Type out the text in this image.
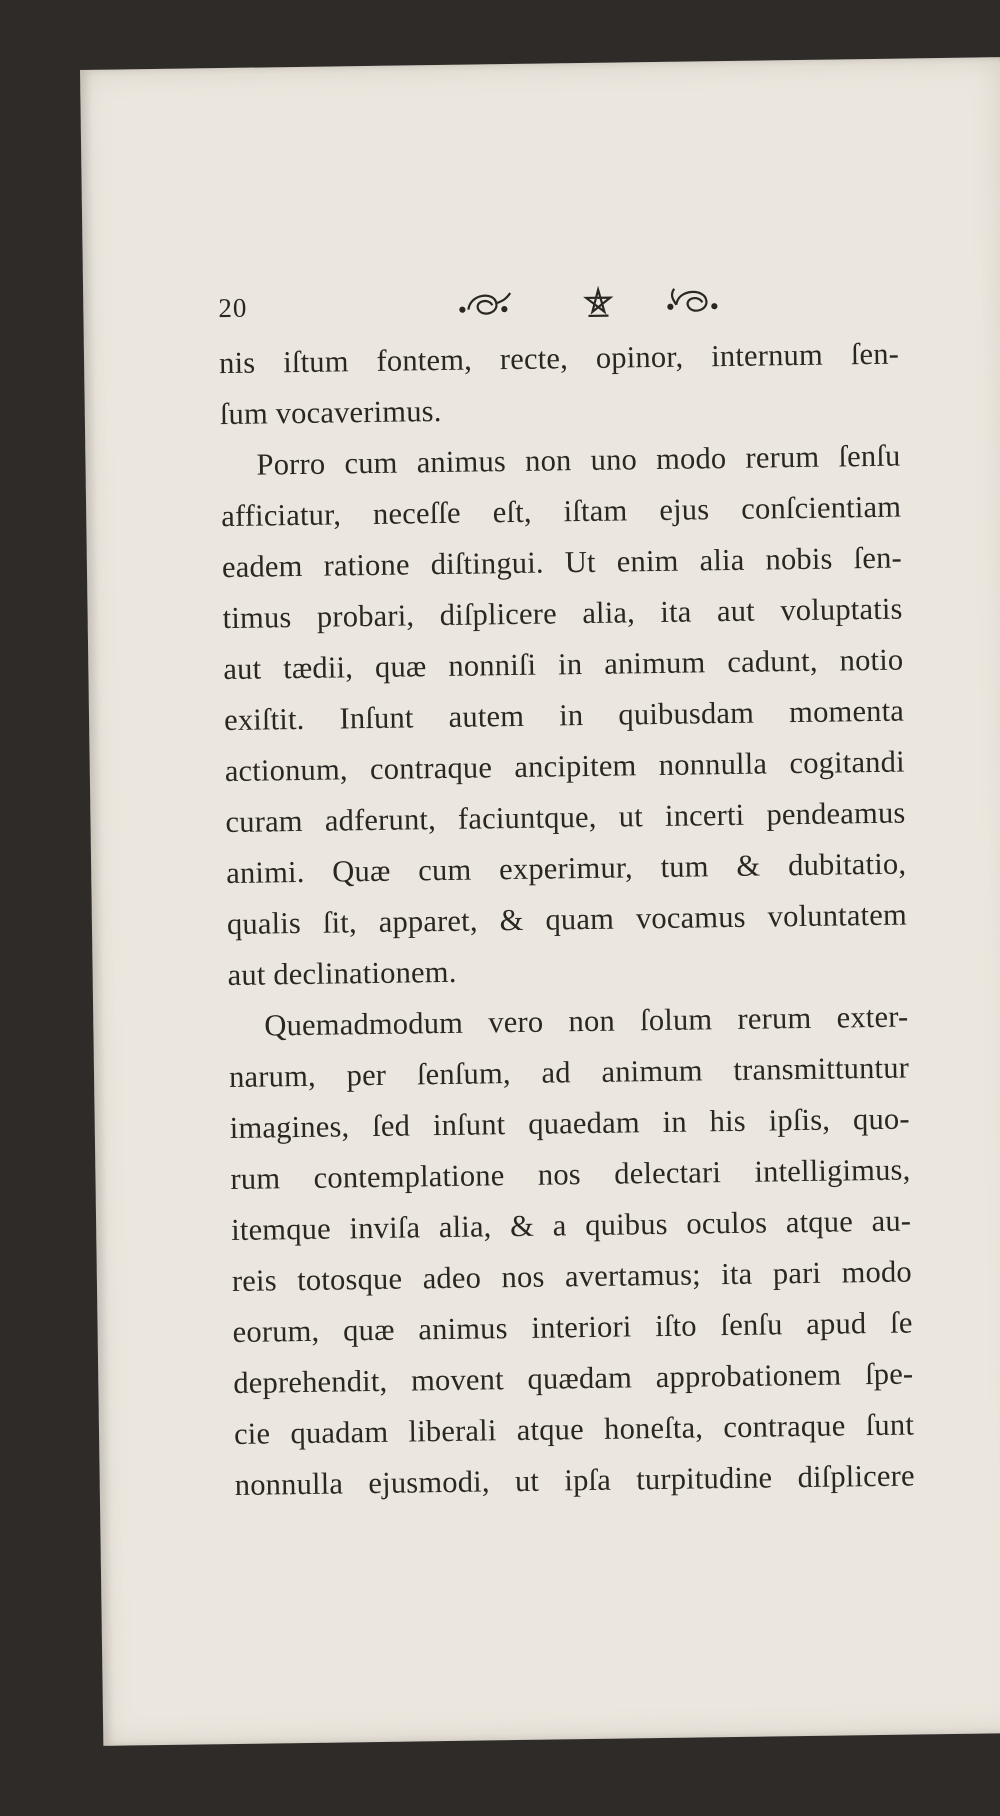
20
nis iſtum fontem, recte, opinor, internum ſen-
ſum vocaverimus.
Porro cum animus non uno modo rerum ſenſu
afficiatur, neceſſe eſt, iſtam ejus conſcientiam
eadem ratione diſtingui. Ut enim alia nobis ſen-
timus probari, diſplicere alia, ita aut voluptatis
aut tædii, quæ nonniſi in animum cadunt, notio
exiſtit. Inſunt autem in quibusdam momenta
actionum, contraque ancipitem nonnulla cogitandi
curam adferunt, faciuntque, ut incerti pendeamus
animi. Quæ cum experimur, tum & dubitatio,
qualis ſit, apparet, & quam vocamus voluntatem
aut declinationem.
Quemadmodum vero non ſolum rerum exter-
narum, per ſenſum, ad animum transmittuntur
imagines, ſed inſunt quaedam in his ipſis, quo-
rum contemplatione nos delectari intelligimus,
itemque inviſa alia, & a quibus oculos atque au-
reis totosque adeo nos avertamus; ita pari modo
eorum, quæ animus interiori iſto ſenſu apud ſe
deprehendit, movent quædam approbationem ſpe-
cie quadam liberali atque honeſta, contraque ſunt
nonnulla ejusmodi, ut ipſa turpitudine diſplicere
